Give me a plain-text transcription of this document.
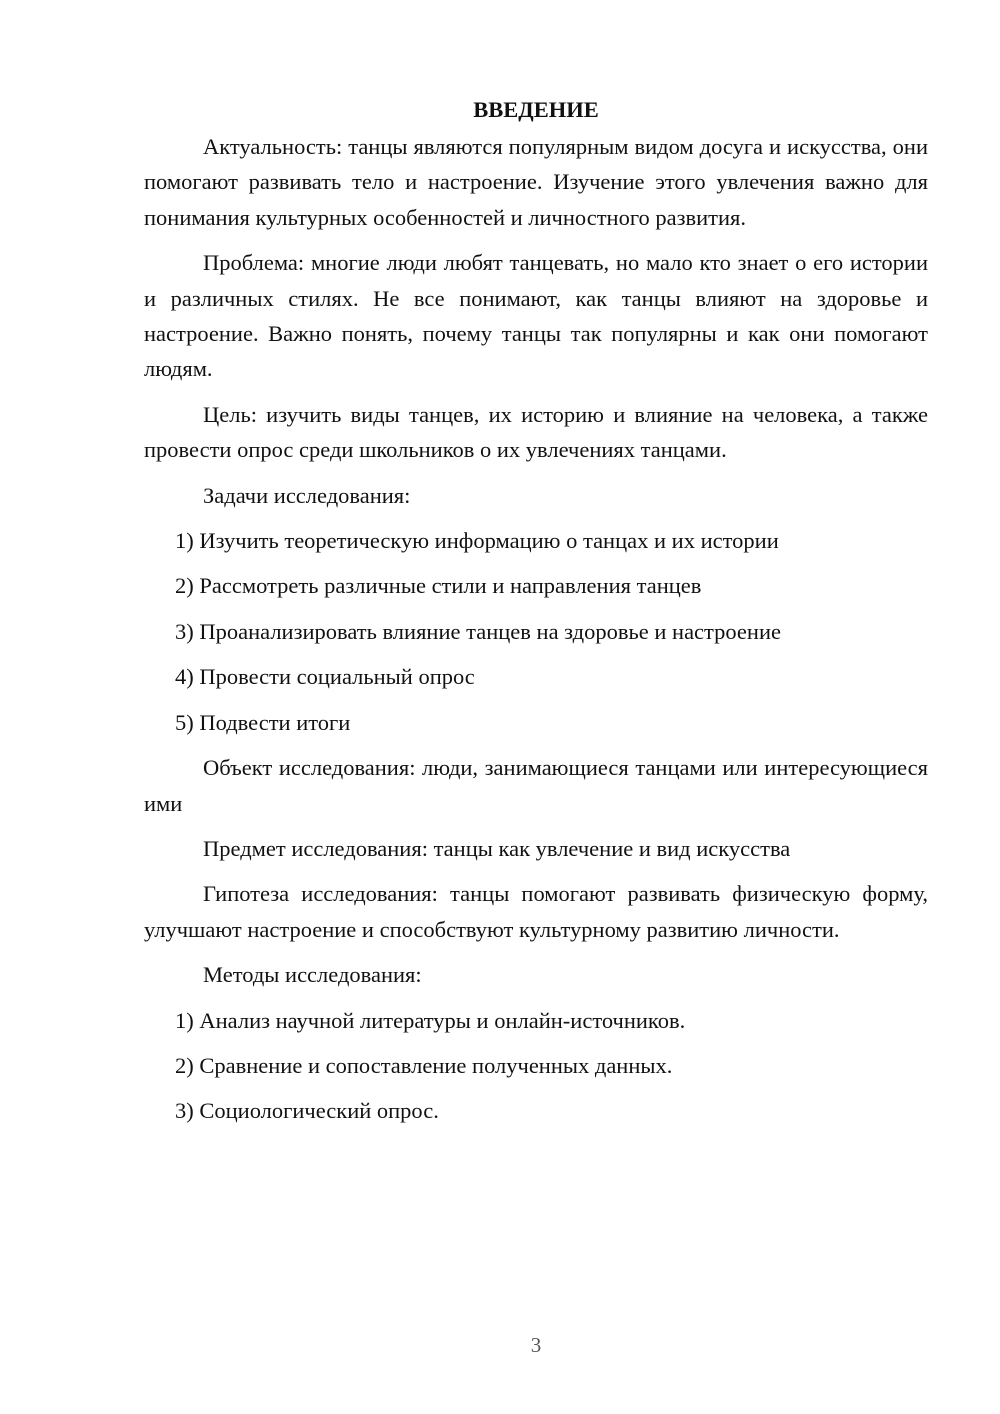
ВВЕДЕНИЕ
Актуальность: танцы являются популярным видом досуга и искусства, они помогают развивать тело и настроение. Изучение этого увлечения важно для понимания культурных особенностей и личностного развития.
Проблема: многие люди любят танцевать, но мало кто знает о его истории и различных стилях. Не все понимают, как танцы влияют на здоровье и настроение. Важно понять, почему танцы так популярны и как они помогают людям.
Цель: изучить виды танцев, их историю и влияние на человека, а также провести опрос среди школьников о их увлечениях танцами.
Задачи исследования:
1) Изучить теоретическую информацию о танцах и их истории
2) Рассмотреть различные стили и направления танцев
3) Проанализировать влияние танцев на здоровье и настроение
4) Провести социальный опрос
5) Подвести итоги
Объект исследования: люди, занимающиеся танцами или интересующиеся ими
Предмет исследования: танцы как увлечение и вид искусства
Гипотеза исследования: танцы помогают развивать физическую форму, улучшают настроение и способствуют культурному развитию личности.
Методы исследования:
1) Анализ научной литературы и онлайн-источников.
2) Сравнение и сопоставление полученных данных.
3) Социологический опрос.
3
